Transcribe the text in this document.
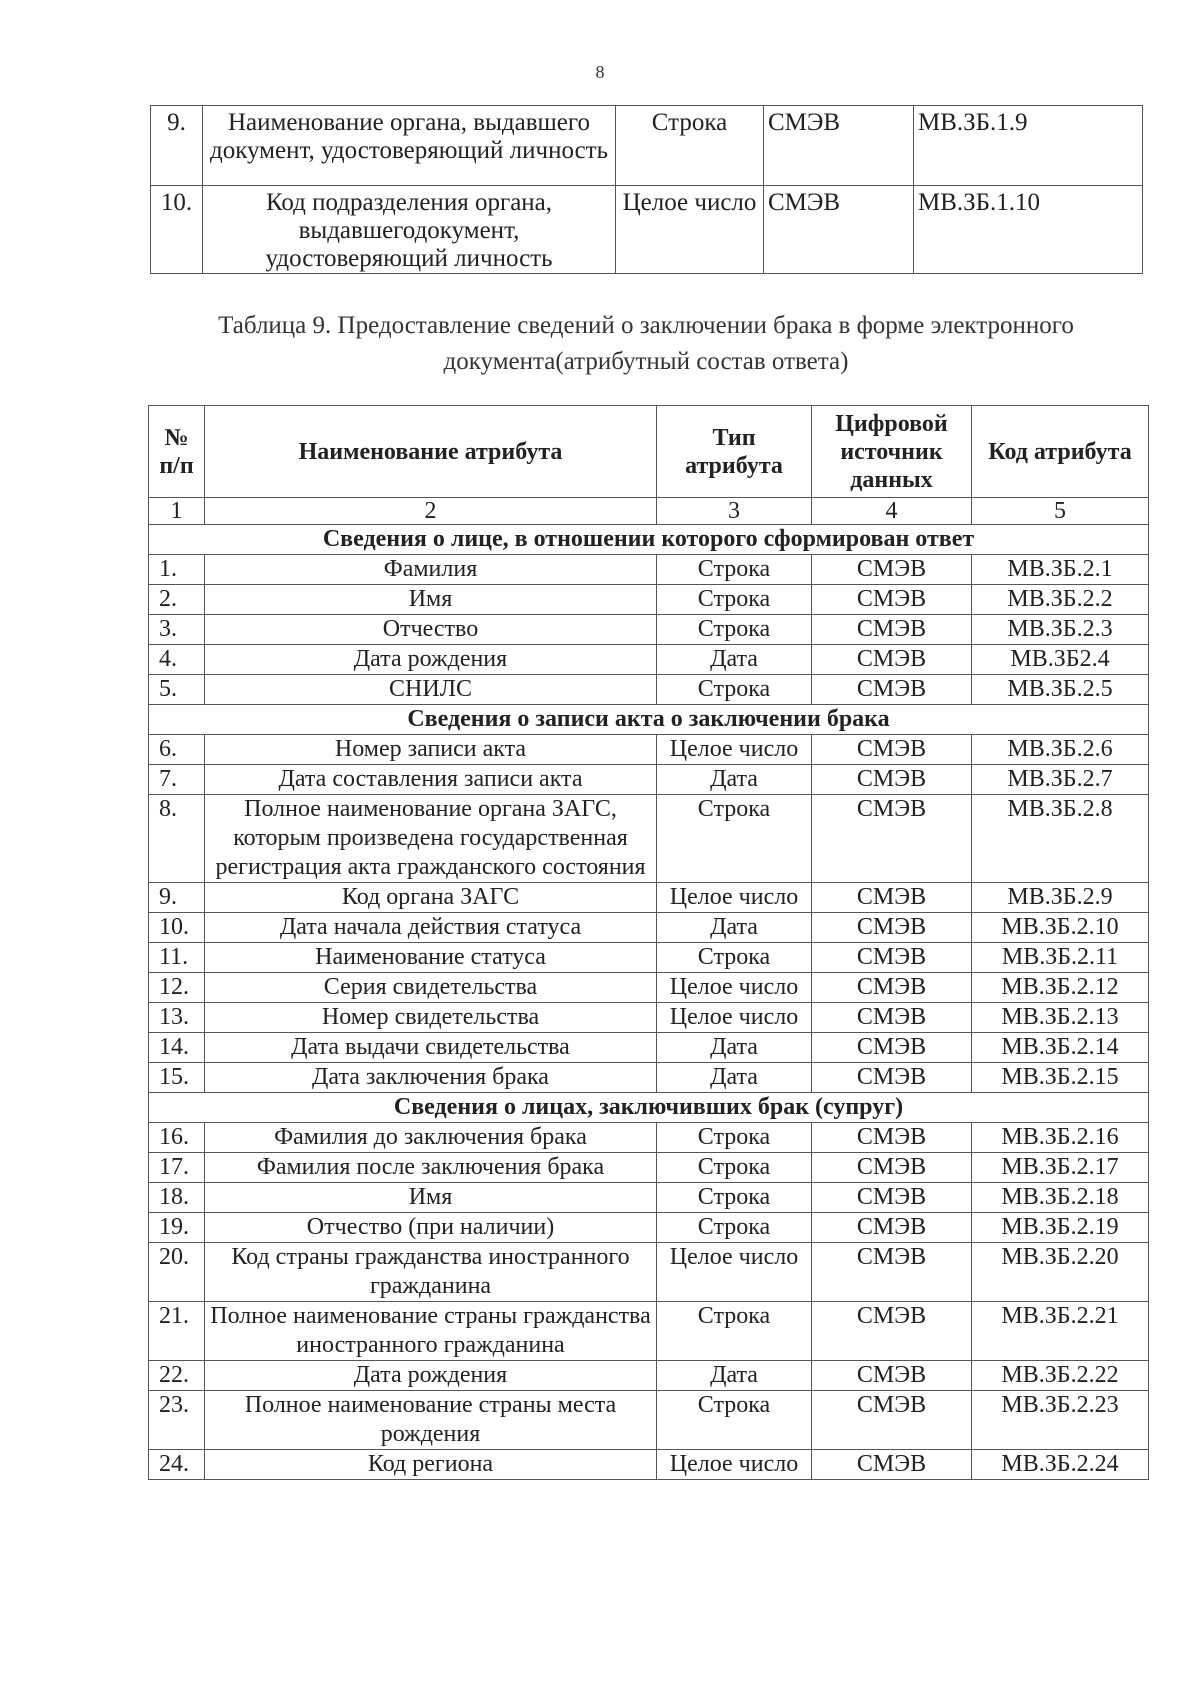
8
9.	Наименование органа, выдавшего документ, удостоверяющий личность	Строка	СМЭВ	МВ.ЗБ.1.9
10.	Код подразделения органа, выдавшегодокумент, удостоверяющий личность	Целое число	СМЭВ	МВ.ЗБ.1.10
Таблица 9. Предоставление сведений о заключении брака в форме электронного документа(атрибутный состав ответа)
№ п/п	Наименование атрибута	Тип атрибута	Цифровой источник данных	Код атрибута
1	2	3	4	5
Сведения о лице, в отношении которого сформирован ответ				
1.	Фамилия	Строка	СМЭВ	МВ.ЗБ.2.1
2.	Имя	Строка	СМЭВ	МВ.ЗБ.2.2
3.	Отчество	Строка	СМЭВ	МВ.ЗБ.2.3
4.	Дата рождения	Дата	СМЭВ	МВ.ЗБ2.4
5.	СНИЛС	Строка	СМЭВ	МВ.ЗБ.2.5
Сведения о записи акта о заключении брака				
6.	Номер записи акта	Целое число	СМЭВ	МВ.ЗБ.2.6
7.	Дата составления записи акта	Дата	СМЭВ	МВ.ЗБ.2.7
8.	Полное наименование органа ЗАГС, которым произведена государственная регистрация акта гражданского состояния	Строка	СМЭВ	МВ.ЗБ.2.8
9.	Код органа ЗАГС	Целое число	СМЭВ	МВ.ЗБ.2.9
10.	Дата начала действия статуса	Дата	СМЭВ	МВ.ЗБ.2.10
11.	Наименование статуса	Строка	СМЭВ	МВ.ЗБ.2.11
12.	Серия свидетельства	Целое число	СМЭВ	МВ.ЗБ.2.12
13.	Номер свидетельства	Целое число	СМЭВ	МВ.ЗБ.2.13
14.	Дата выдачи свидетельства	Дата	СМЭВ	МВ.ЗБ.2.14
15.	Дата заключения брака	Дата	СМЭВ	МВ.ЗБ.2.15
Сведения о лицах, заключивших брак (супруг)				
16.	Фамилия до заключения брака	Строка	СМЭВ	МВ.ЗБ.2.16
17.	Фамилия после заключения брака	Строка	СМЭВ	МВ.ЗБ.2.17
18.	Имя	Строка	СМЭВ	МВ.ЗБ.2.18
19.	Отчество (при наличии)	Строка	СМЭВ	МВ.ЗБ.2.19
20.	Код страны гражданства иностранного гражданина	Целое число	СМЭВ	МВ.ЗБ.2.20
21.	Полное наименование страны гражданства иностранного гражданина	Строка	СМЭВ	МВ.ЗБ.2.21
22.	Дата рождения	Дата	СМЭВ	МВ.ЗБ.2.22
23.	Полное наименование страны места рождения	Строка	СМЭВ	МВ.ЗБ.2.23
24.	Код региона	Целое число	СМЭВ	МВ.ЗБ.2.24
